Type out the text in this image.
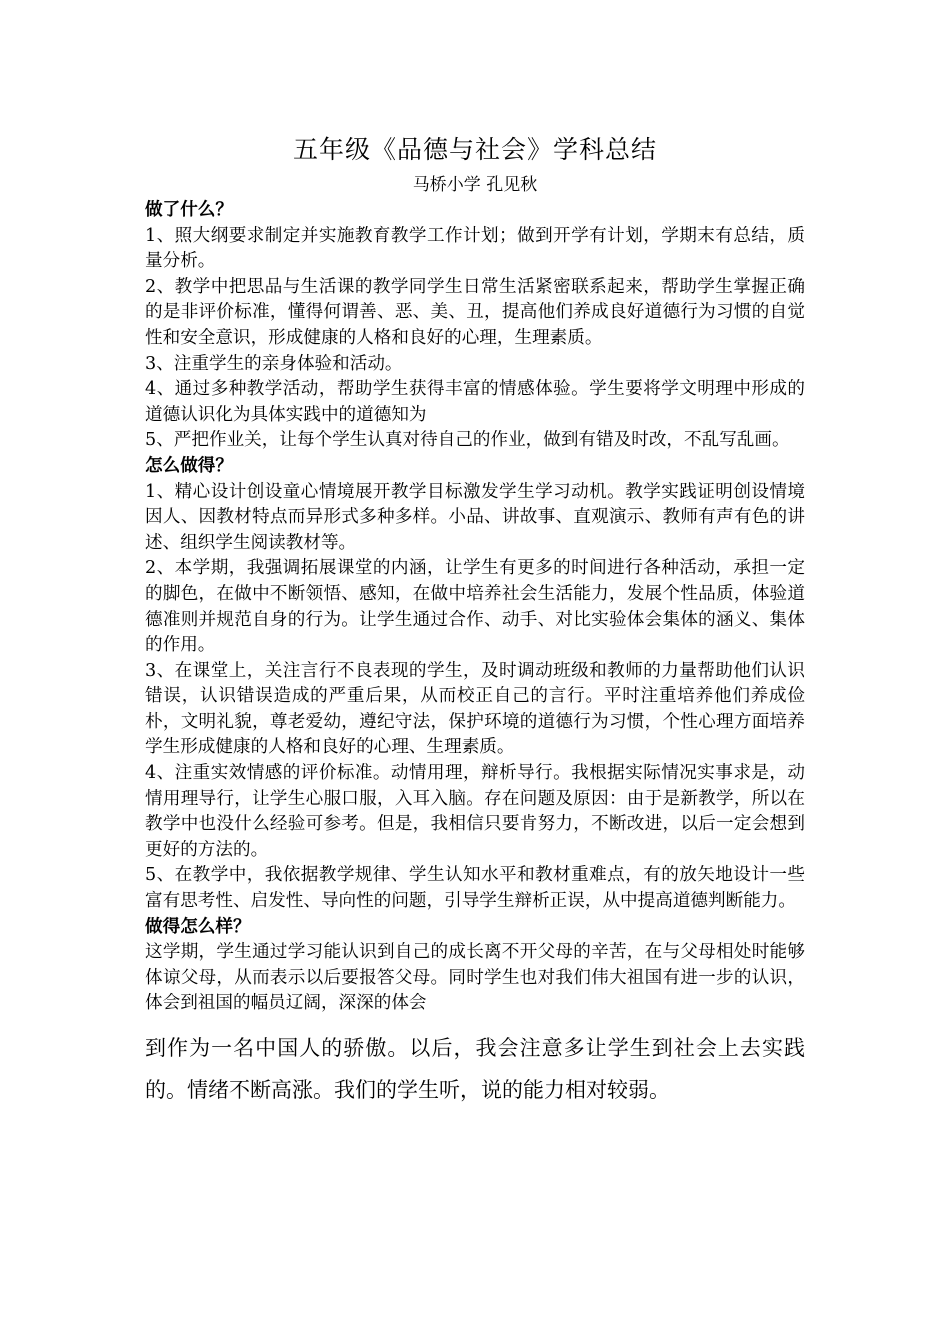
五年级《品德与社会》学科总结
马桥小学 孔见秋
做了什么？

1、照大纲要求制定并实施教育教学工作计划；做到开学有计划，学期末有总结，质量分析。

2、教学中把思品与生活课的教学同学生日常生活紧密联系起来，帮助学生掌握正确的是非评价标准，懂得何谓善、恶、美、丑，提高他们养成良好道德行为习惯的自觉性和安全意识，形成健康的人格和良好的心理，生理素质。

3、注重学生的亲身体验和活动。

4、通过多种教学活动，帮助学生获得丰富的情感体验。学生要将学文明理中形成的道德认识化为具体实践中的道德知为

5、严把作业关，让每个学生认真对待自己的作业，做到有错及时改，不乱写乱画。

怎么做得？

1、精心设计创设童心情境展开教学目标激发学生学习动机。教学实践证明创设情境因人、因教材特点而异形式多种多样。小品、讲故事、直观演示、教师有声有色的讲述、组织学生阅读教材等。

2、本学期，我强调拓展课堂的内涵，让学生有更多的时间进行各种活动，承担一定的脚色，在做中不断领悟、感知，在做中培养社会生活能力，发展个性品质，体验道德准则并规范自身的行为。让学生通过合作、动手、对比实验体会集体的涵义、集体的作用。

3、在课堂上，关注言行不良表现的学生，及时调动班级和教师的力量帮助他们认识错误，认识错误造成的严重后果，从而校正自己的言行。平时注重培养他们养成俭朴，文明礼貌，尊老爱幼，遵纪守法，保护环境的道德行为习惯，个性心理方面培养学生形成健康的人格和良好的心理、生理素质。

4、注重实效情感的评价标准。动情用理，辩析导行。我根据实际情况实事求是，动情用理导行，让学生心服口服，入耳入脑。存在问题及原因：由于是新教学，所以在教学中也没什么经验可参考。但是，我相信只要肯努力，不断改进，以后一定会想到更好的方法的。

5、在教学中，我依据教学规律、学生认知水平和教材重难点，有的放矢地设计一些富有思考性、启发性、导向性的问题，引导学生辩析正误，从中提高道德判断能力。

做得怎么样？

这学期，学生通过学习能认识到自己的成长离不开父母的辛苦，在与父母相处时能够体谅父母，从而表示以后要报答父母。同时学生也对我们伟大祖国有进一步的认识，体会到祖国的幅员辽阔，深深的体会

到作为一名中国人的骄傲。以后，我会注意多让学生到社会上去实践的。情绪不断高涨。我们的学生听，说的能力相对较弱。
